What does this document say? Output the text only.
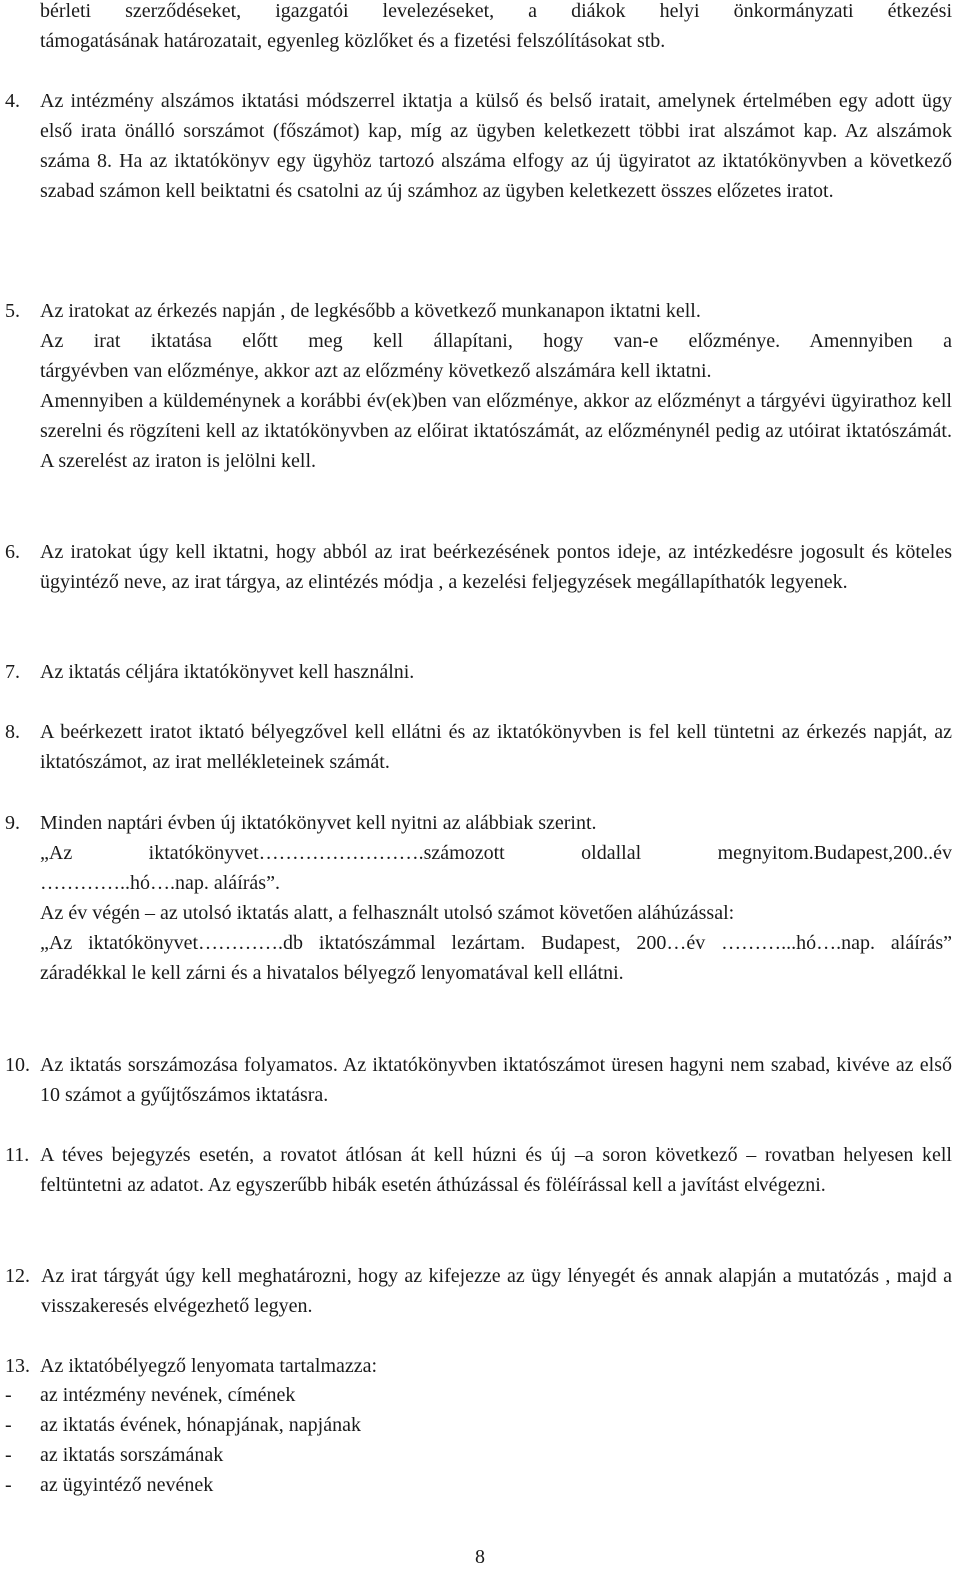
bérleti szerződéseket, igazgatói levelezéseket, a diákok helyi önkormányzati étkezési

támogatásának határozatait, egyenleg közlőket és a fizetési felszólításokat stb.

4. Az intézmény alszámos iktatási módszerrel iktatja a külső és belső iratait, amelynek értelmében egy adott ügy első irata önálló sorszámot (főszámot) kap, míg az ügyben keletkezett többi irat alszámot kap. Az alszámok száma 8. Ha az iktatókönyv egy ügyhöz tartozó alszáma elfogy az új ügyiratot az iktatókönyvben a következő szabad számon kell beiktatni és csatolni az új számhoz az ügyben keletkezett összes előzetes iratot.

5. Az iratokat az érkezés napján , de legkésőbb a következő munkanapon iktatni kell.

Az irat iktatása előtt meg kell állapítani, hogy van-e előzménye. Amennyiben a

tárgyévben van előzménye, akkor azt az előzmény következő alszámára kell iktatni.

Amennyiben a küldeménynek a korábbi év(ek)ben van előzménye, akkor az előzményt a tárgyévi ügyirathoz kell szerelni és rögzíteni kell az iktatókönyvben az előirat iktatószámát, az előzménynél pedig az utóirat iktatószámát. A szerelést az iraton is jelölni kell.

6. Az iratokat úgy kell iktatni, hogy abból az irat beérkezésének pontos ideje, az intézkedésre jogosult és köteles ügyintéző neve, az irat tárgya, az elintézés módja , a kezelési feljegyzések megállapíthatók legyenek.

7. Az iktatás céljára iktatókönyvet kell használni.

8. A beérkezett iratot iktató bélyegzővel kell ellátni és az iktatókönyvben is fel kell tüntetni az érkezés napját, az iktatószámot, az irat mellékleteinek számát.

9. Minden naptári évben új iktatókönyvet kell nyitni az alábbiak szerint.

„Az iktatókönyvet…………………….számozott oldallal megnyitom.Budapest,200..év

…………..hó….nap. aláírás”.

Az év végén – az utolsó iktatás alatt, a felhasznált utolsó számot követően aláhúzással:

„Az iktatókönyvet………….db iktatószámmal lezártam. Budapest, 200…év ………...hó….nap. aláírás” záradékkal le kell zárni és a hivatalos bélyegző lenyomatával kell ellátni.

10. Az iktatás sorszámozása folyamatos. Az iktatókönyvben iktatószámot üresen hagyni nem szabad, kivéve az első 10 számot a gyűjtőszámos iktatásra.

11. A téves bejegyzés esetén, a rovatot átlósan át kell húzni és új –a soron következő – rovatban helyesen kell feltüntetni az adatot. Az egyszerűbb hibák esetén áthúzással és föléírással kell a javítást elvégezni.

12. Az irat tárgyát úgy kell meghatározni, hogy az kifejezze az ügy lényegét és annak alapján a mutatózás , majd a visszakeresés elvégezhető legyen.

13. Az iktatóbélyegző lenyomata tartalmazza:

- az intézmény nevének, címének
- az iktatás évének, hónapjának, napjának
- az iktatás sorszámának
- az ügyintéző nevének
8
